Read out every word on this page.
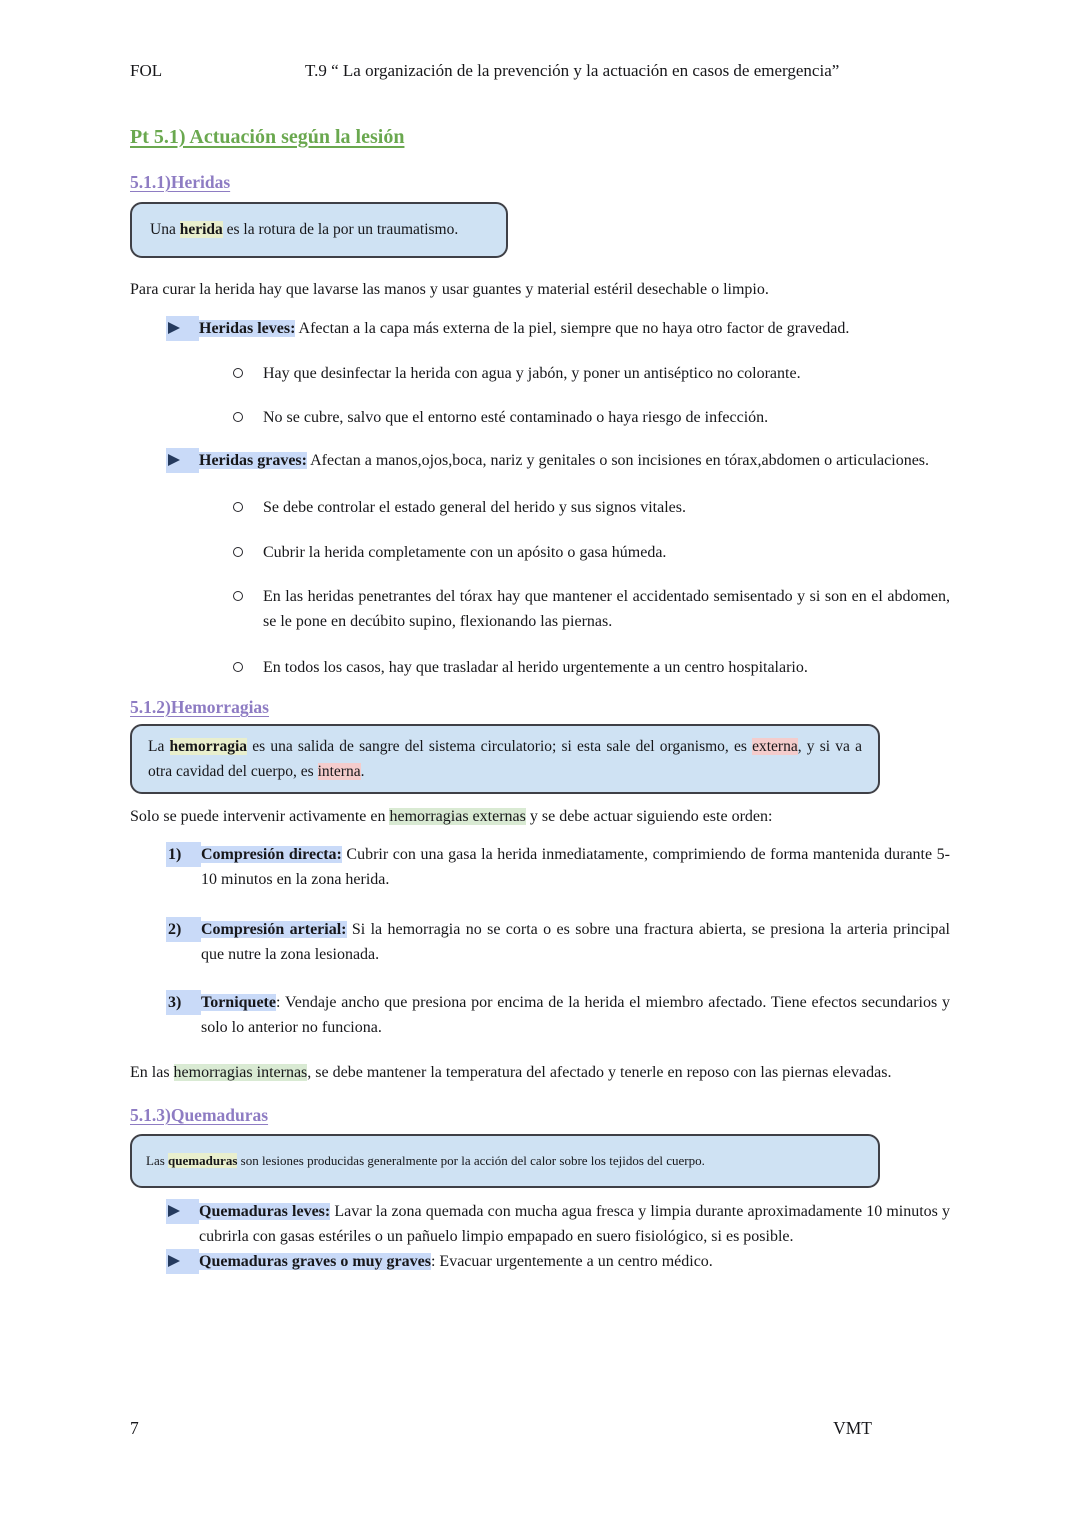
FOL	T.9 “ La organización de la prevención y la actuación en casos de emergencia”
Pt 5.1) Actuación según la lesión
5.1.1)Heridas
Una herida es la rotura de la por un traumatismo.
Para curar la herida hay que lavarse las manos y usar guantes y material estéril desechable o limpio.
Heridas leves: Afectan a la capa más externa de la piel, siempre que no haya otro factor de gravedad.
Hay que desinfectar la herida con agua y jabón, y poner un antiséptico no colorante.
No se cubre, salvo que el entorno esté contaminado o haya riesgo de infección.
Heridas graves: Afectan a manos,ojos,boca, nariz y genitales o son incisiones en tórax,abdomen o articulaciones.
Se debe controlar el estado general del herido y sus signos vitales.
Cubrir la herida completamente con un apósito o gasa húmeda.
En las heridas penetrantes del tórax hay que mantener el accidentado semisentado y si son en el abdomen, se le pone en decúbito supino, flexionando las piernas.
En todos los casos, hay que trasladar al herido urgentemente a un centro hospitalario.
5.1.2)Hemorragias
La hemorragia es una salida de sangre del sistema circulatorio; si esta sale del organismo, es externa, y si va a otra cavidad del cuerpo, es interna.
Solo se puede intervenir activamente en hemorragias externas y se debe actuar siguiendo este orden:
1)	Compresión directa: Cubrir con una gasa la herida inmediatamente, comprimiendo de forma mantenida durante 5-10 minutos en la zona herida.
2)	Compresión arterial: Si la hemorragia no se corta o es sobre una fractura abierta, se presiona la arteria principal que nutre la zona lesionada.
3)	Torniquete: Vendaje ancho que presiona por encima de la herida el miembro afectado. Tiene efectos secundarios y solo lo anterior no funciona.
En las hemorragias internas, se debe mantener la temperatura del afectado y tenerle en reposo con las piernas elevadas.
5.1.3)Quemaduras
Las quemaduras son lesiones producidas generalmente por la acción del calor sobre los tejidos del cuerpo.
Quemaduras leves: Lavar la zona quemada con mucha agua fresca y limpia durante aproximadamente 10 minutos y cubrirla con gasas estériles o un pañuelo limpio empapado en suero fisiológico, si es posible.
Quemaduras graves o muy graves: Evacuar urgentemente a un centro médico.
7	VMT
